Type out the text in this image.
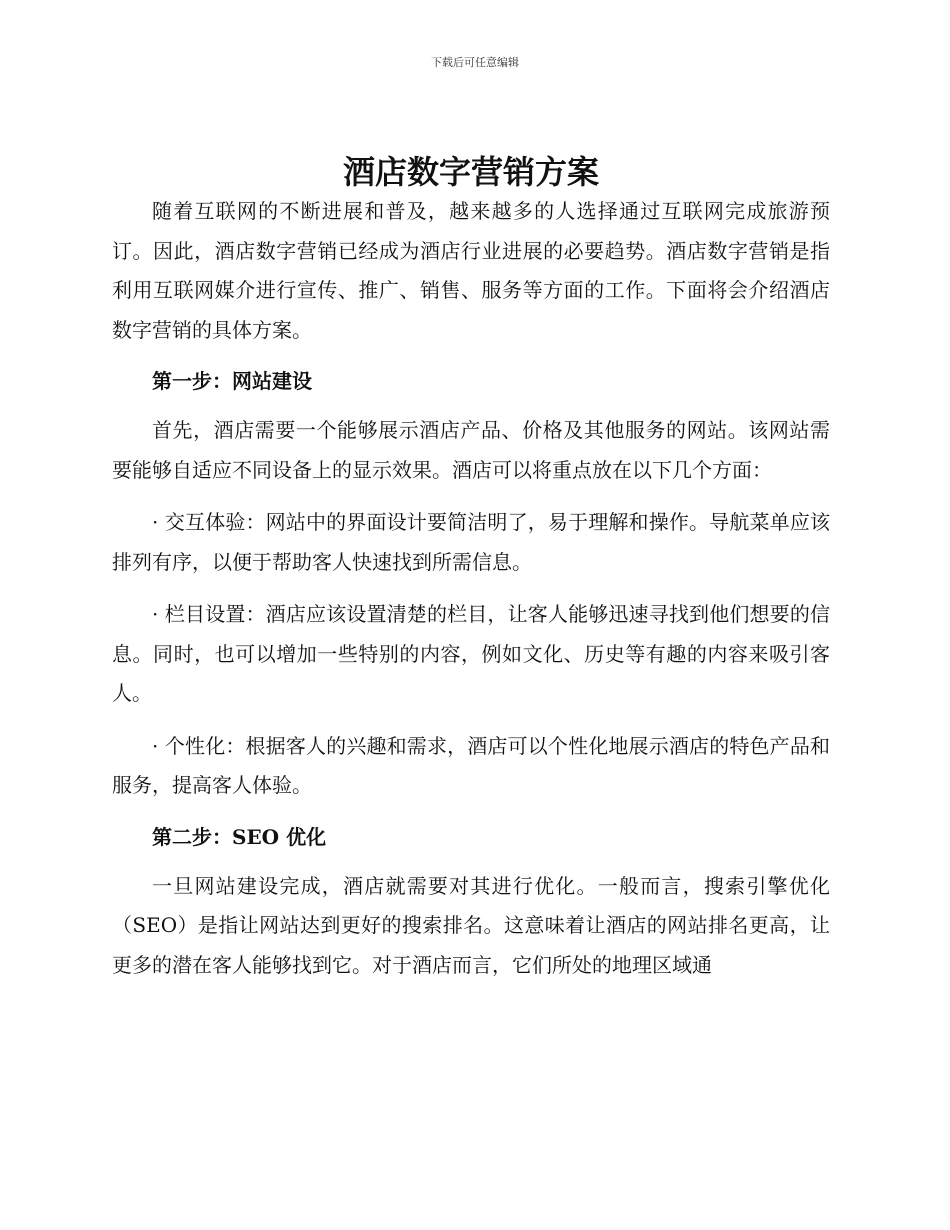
下载后可任意编辑
酒店数字营销方案

随着互联网的不断进展和普及，越来越多的人选择通过互联网完成旅游预订。因此，酒店数字营销已经成为酒店行业进展的必要趋势。酒店数字营销是指利用互联网媒介进行宣传、推广、销售、服务等方面的工作。下面将会介绍酒店数字营销的具体方案。

第一步：网站建设

首先，酒店需要一个能够展示酒店产品、价格及其他服务的网站。该网站需要能够自适应不同设备上的显示效果。酒店可以将重点放在以下几个方面：

· 交互体验：网站中的界面设计要简洁明了，易于理解和操作。导航菜单应该排列有序，以便于帮助客人快速找到所需信息。

· 栏目设置：酒店应该设置清楚的栏目，让客人能够迅速寻找到他们想要的信息。同时，也可以增加一些特别的内容，例如文化、历史等有趣的内容来吸引客人。

· 个性化：根据客人的兴趣和需求，酒店可以个性化地展示酒店的特色产品和服务，提高客人体验。

第二步：SEO 优化

一旦网站建设完成，酒店就需要对其进行优化。一般而言，搜索引擎优化（SEO）是指让网站达到更好的搜索排名。这意味着让酒店的网站排名更高，让更多的潜在客人能够找到它。对于酒店而言，它们所处的地理区域通
